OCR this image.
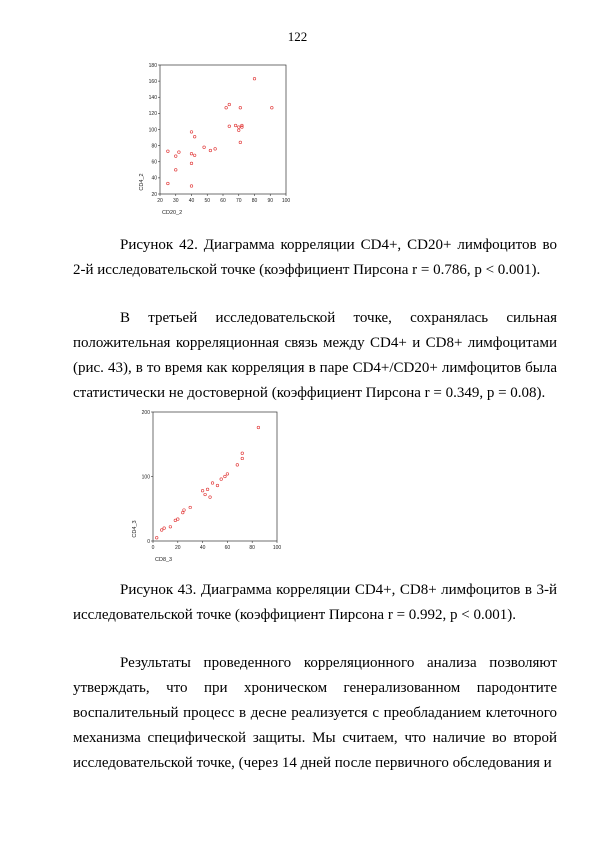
122
20 30 40 50 60 70 80 90 100
20
40
60
80
100
120
140
160
180
CD20_2
CD4_2
Рисунок 42. Диаграмма корреляции CD4+, CD20+ лимфоцитов во 2-й исследовательской точке (коэффициент Пирсона r = 0.786, p < 0.001).
В третьей исследовательской точке, сохранялась сильная положительная корреляционная связь между CD4+ и CD8+ лимфоцитами (рис. 43), в то время как корреляция в паре CD4+/CD20+ лимфоцитов была статистически не достоверной (коэффициент Пирсона r = 0.349, p = 0.08).
0	20	40	60	80	100
0
100
200
CD8_3
CD4_3
Рисунок 43. Диаграмма корреляции CD4+, CD8+ лимфоцитов в 3-й исследовательской точке (коэффициент Пирсона r = 0.992, p < 0.001).
Результаты проведенного корреляционного анализа позволяют утверждать, что при хроническом генерализованном пародонтите воспалительный процесс в десне реализуется с преобладанием клеточного механизма специфической защиты. Мы считаем, что наличие во второй исследовательской точке, (через 14 дней после первичного обследования и
